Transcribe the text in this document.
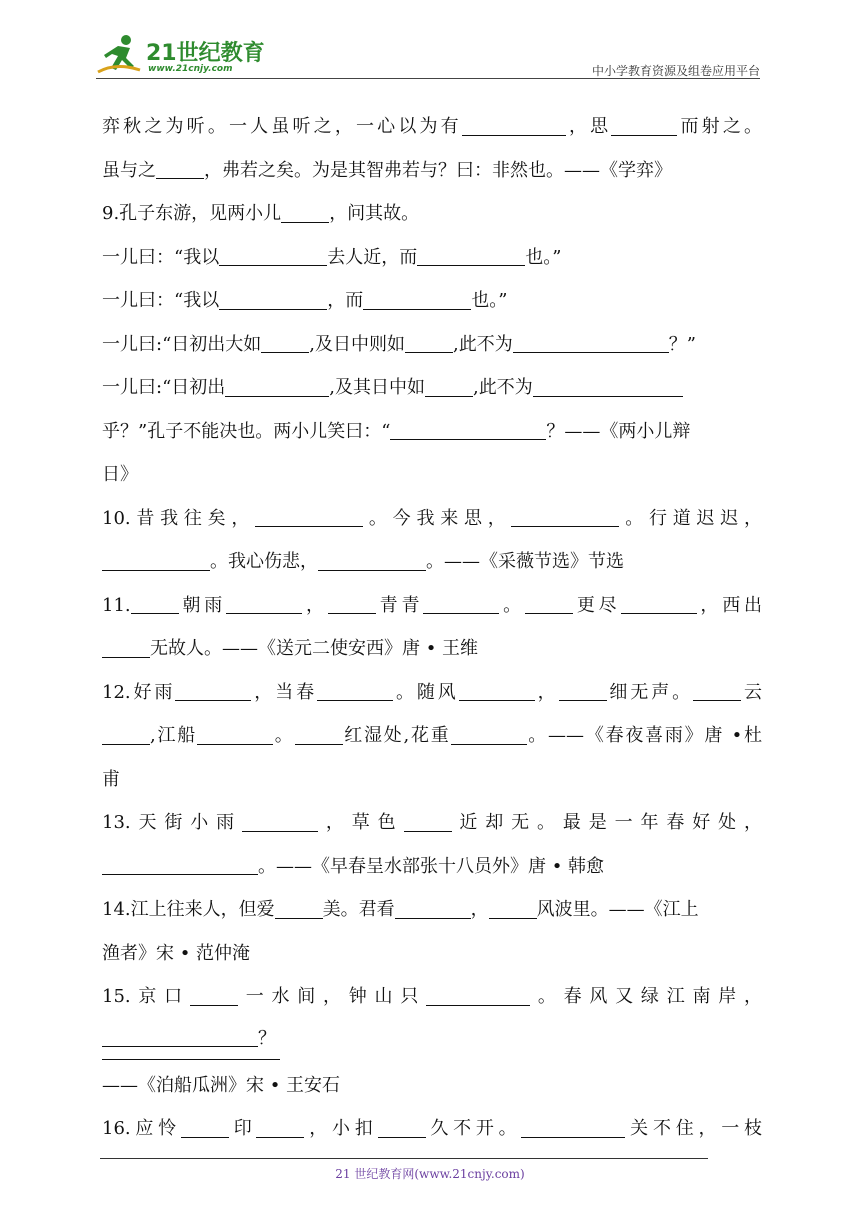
21世纪教育
www.21cnjy.com	中小学教育资源及组卷应用平台
弈秋之为听。一人虽听之，一心以为有	，思	而射之。
虽与之	，弗若之矣。为是其智弗若与？曰：非然也。——《学弈》
9.孔子东游，见两小儿	，问其故。
一儿曰：“我以	去人近，而	也。”
一儿曰：“我以	，而	也。”
一儿曰:“日初出大如	,及日中则如	,此不为	？”
一儿曰:“日初出	,及其日中如	,此不为
乎？”孔子不能决也。两小儿笑曰：“	？——《两小儿辩
日》
10.昔我往矣，	。今我来思，	。行道迟迟，
。我心伤悲，	。——《采薇节选》节选
11.	朝雨	，	青青	。	更尽	，西出
无故人。——《送元二使安西》唐 • 王维
12.好雨	，当春	。随风	，	细无声。	云
,江船	。	红湿处,花重	。——《春夜喜雨》唐 •杜
甫
13.天街小雨	，草色	近却无。最是一年春好处，
。——《早春呈水部张十八员外》唐 • 韩愈
14.江上往来人，但爱	美。君看	，	风波里。——《江上
渔者》宋 • 范仲淹
15.京口	一水间，钟山只	。春风又绿江南岸，
？
——《泊船瓜洲》宋 • 王安石
16.应怜	印	，小扣	久不开。	关不住，一枝
21 世纪教育网(www.21cnjy.com)
